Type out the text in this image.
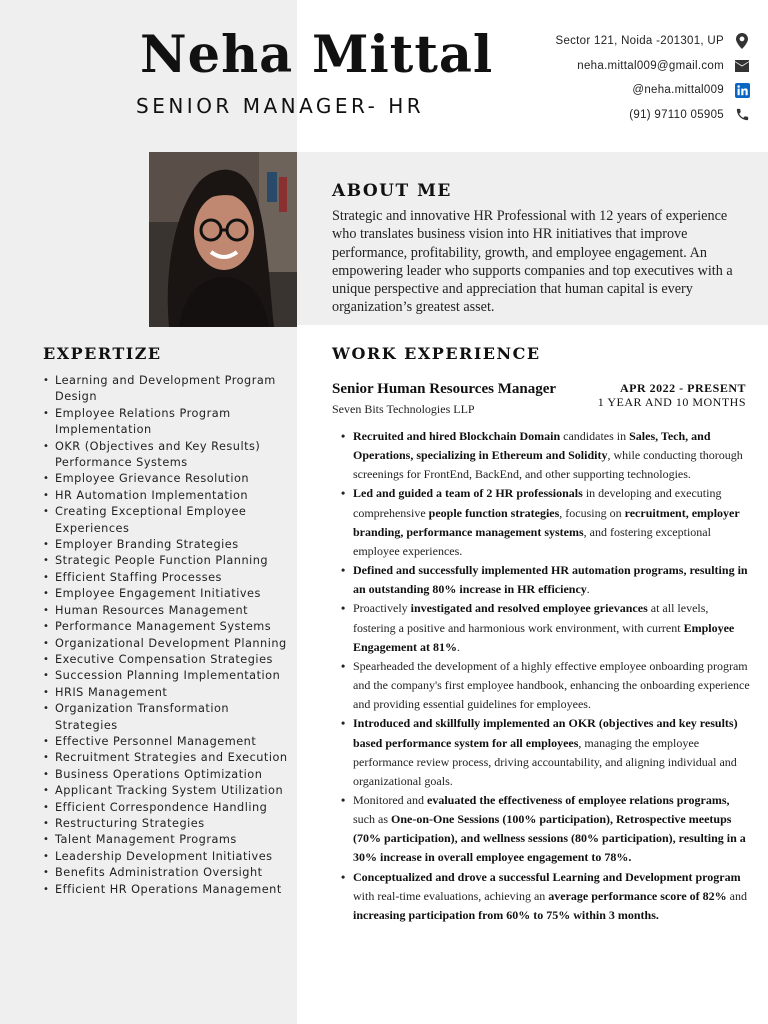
Neha Mittal
SENIOR MANAGER- HR
Sector 121, Noida -201301, UP
neha.mittal009@gmail.com
@neha.mittal009
(91) 97110 05905
ABOUT ME

Strategic and innovative HR Professional with 12 years of experience who translates business vision into HR initiatives that improve performance, profitability, growth, and employee engagement. An empowering leader who supports companies and top executives with a unique perspective and appreciation that human capital is every organization’s greatest asset.

EXPERTIZE
• Learning and Development Program Design
• Employee Relations Program Implementation
• OKR (Objectives and Key Results) Performance Systems
• Employee Grievance Resolution
• HR Automation Implementation
• Creating Exceptional Employee Experiences
• Employer Branding Strategies
• Strategic People Function Planning
• Efficient Staffing Processes
• Employee Engagement Initiatives
• Human Resources Management
• Performance Management Systems
• Organizational Development Planning
• Executive Compensation Strategies
• Succession Planning Implementation
• HRIS Management
• Organization Transformation Strategies
• Effective Personnel Management
• Recruitment Strategies and Execution
• Business Operations Optimization
• Applicant Tracking System Utilization
• Efficient Correspondence Handling
• Restructuring Strategies
• Talent Management Programs
• Leadership Development Initiatives
• Benefits Administration Oversight
• Efficient HR Operations Management
WORK EXPERIENCE
Senior Human Resources Manager
Seven Bits Technologies LLP
APR 2022 - PRESENT
1 YEAR AND 10 MONTHS
• Recruited and hired Blockchain Domain candidates in Sales, Tech, and Operations, specializing in Ethereum and Solidity, while conducting thorough screenings for FrontEnd, BackEnd, and other supporting technologies.
• Led and guided a team of 2 HR professionals in developing and executing comprehensive people function strategies, focusing on recruitment, employer branding, performance management systems, and fostering exceptional employee experiences.
• Defined and successfully implemented HR automation programs, resulting in an outstanding 80% increase in HR efficiency.
• Proactively investigated and resolved employee grievances at all levels, fostering a positive and harmonious work environment, with current Employee Engagement at 81%.
• Spearheaded the development of a highly effective employee onboarding program and the company's first employee handbook, enhancing the onboarding experience and providing essential guidelines for employees.
• Introduced and skillfully implemented an OKR (objectives and key results) based performance system for all employees, managing the employee performance review process, driving accountability, and aligning individual and organizational goals.
• Monitored and evaluated the effectiveness of employee relations programs, such as One-on-One Sessions (100% participation), Retrospective meetups (70% participation), and wellness sessions (80% participation), resulting in a 30% increase in overall employee engagement to 78%.
• Conceptualized and drove a successful Learning and Development program with real-time evaluations, achieving an average performance score of 82% and increasing participation from 60% to 75% within 3 months.
